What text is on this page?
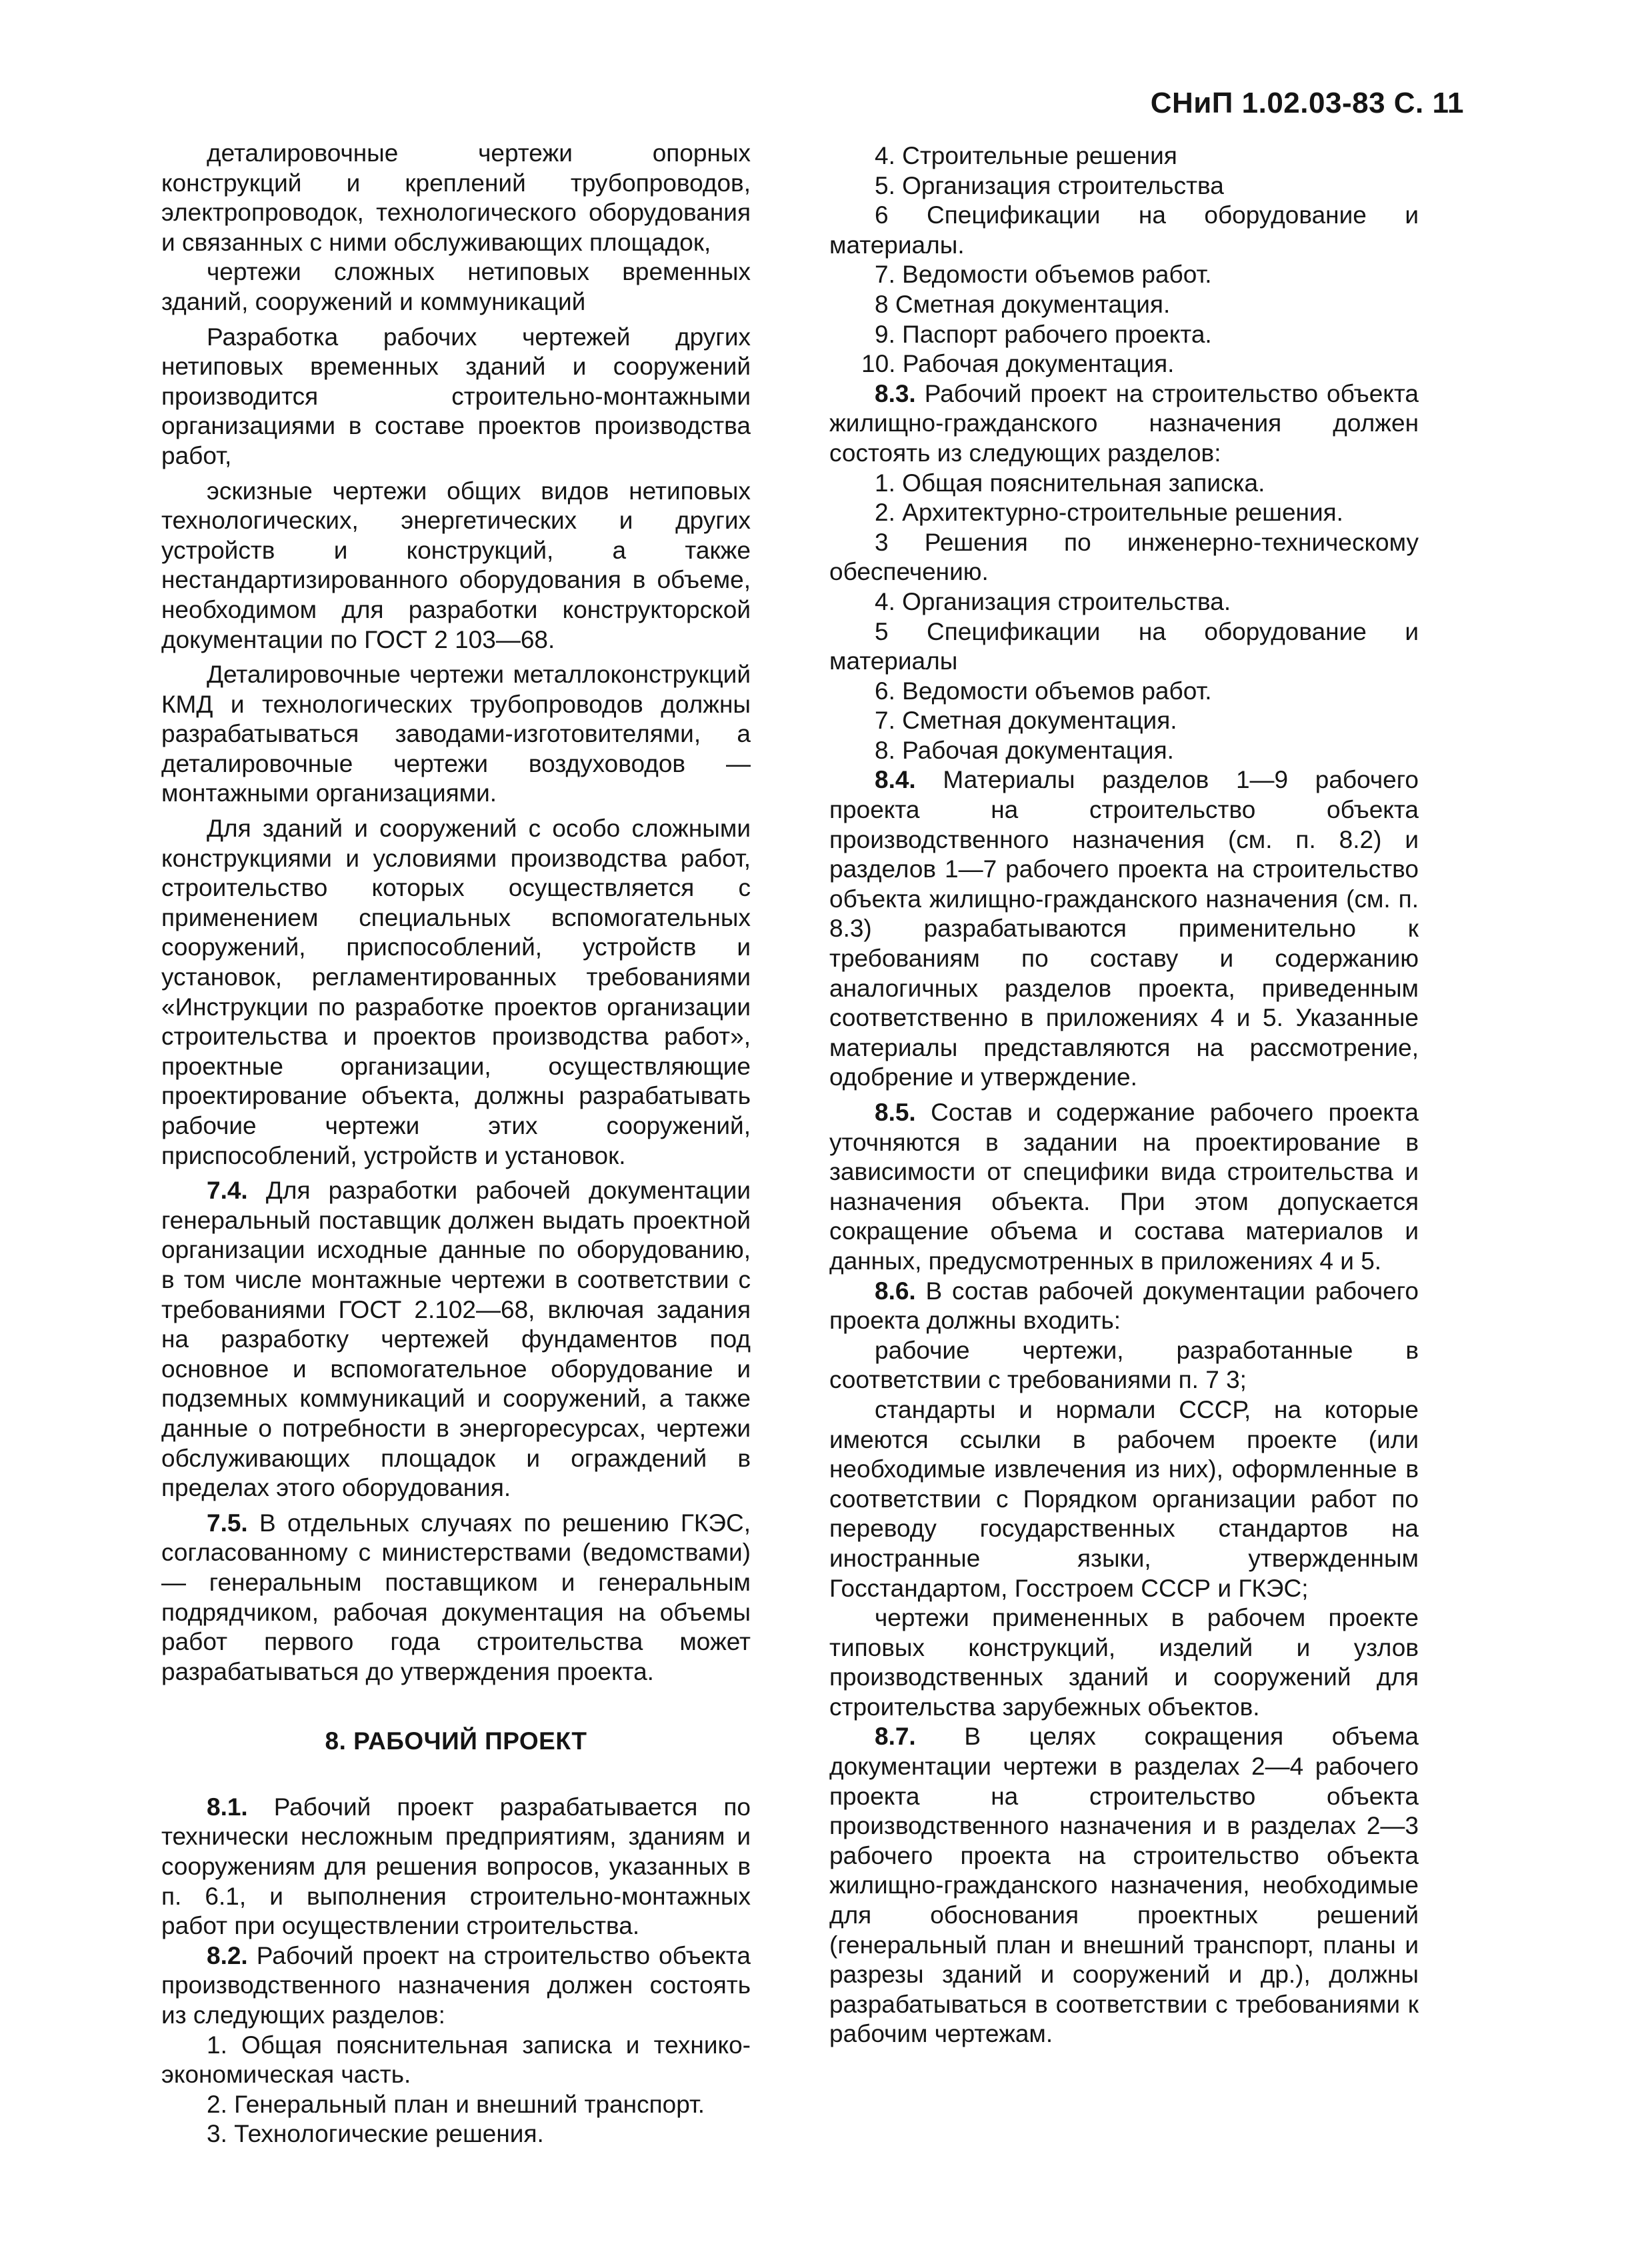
СНиП 1.02.03-83 С. 11

деталировочные чертежи опорных конструкций и креплений трубопроводов, электропроводок, технологического оборудования и связанных с ними обслуживающих площадок,

чертежи сложных нетиповых временных зданий, сооружений и коммуникаций

Разработка рабочих чертежей других нетиповых временных зданий и сооружений производится строительно-монтажными организациями в составе проектов производства работ,

эскизные чертежи общих видов нетиповых технологических, энергетических и других устройств и конструкций, а также нестандартизированного оборудования в объеме, необходимом для разработки конструкторской документации по ГОСТ 2 103—68.

Деталировочные чертежи металлоконструкций КМД и технологических трубопроводов должны разрабатываться заводами-изготовителями, а деталировочные чертежи воздуховодов — монтажными организациями.

Для зданий и сооружений с особо сложными конструкциями и условиями производства работ, строительство которых осуществляется с применением специальных вспомогательных сооружений, приспособлений, устройств и установок, регламентированных требованиями «Инструкции по разработке проектов организации строительства и проектов производства работ», проектные организации, осуществляющие проектирование объекта, должны разрабатывать рабочие чертежи этих сооружений, приспособлений, устройств и установок.

7.4. Для разработки рабочей документации генеральный поставщик должен выдать проектной организации исходные данные по оборудованию, в том числе монтажные чертежи в соответствии с требованиями ГОСТ 2.102—68, включая задания на разработку чертежей фундаментов под основное и вспомогательное оборудование и подземных коммуникаций и сооружений, а также данные о потребности в энергоресурсах, чертежи обслуживающих площадок и ограждений в пределах этого оборудования.

7.5. В отдельных случаях по решению ГКЭС, согласованному с министерствами (ведомствами) — генеральным поставщиком и генеральным подрядчиком, рабочая документация на объемы работ первого года строительства может разрабатываться до утверждения проекта.

8. РАБОЧИЙ ПРОЕКТ

8.1. Рабочий проект разрабатывается по технически несложным предприятиям, зданиям и сооружениям для решения вопросов, указанных в п. 6.1, и выполнения строительно-монтажных работ при осуществлении строительства.

8.2. Рабочий проект на строительство объекта производственного назначения должен состоять из следующих разделов:

1. Общая пояснительная записка и технико-экономическая часть.

2. Генеральный план и внешний транспорт.

3. Технологические решения.

4. Строительные решения

5. Организация строительства

6 Спецификации на оборудование и материалы.

7. Ведомости объемов работ.

8 Сметная документация.

9. Паспорт рабочего проекта.

10. Рабочая документация.

8.3. Рабочий проект на строительство объекта жилищно-гражданского назначения должен состоять из следующих разделов:

1. Общая пояснительная записка.

2. Архитектурно-строительные решения.

3 Решения по инженерно-техническому обеспечению.

4. Организация строительства.

5 Спецификации на оборудование и материалы

6. Ведомости объемов работ.

7. Сметная документация.

8. Рабочая документация.

8.4. Материалы разделов 1—9 рабочего проекта на строительство объекта производственного назначения (см. п. 8.2) и разделов 1—7 рабочего проекта на строительство объекта жилищно-гражданского назначения (см. п. 8.3) разрабатываются применительно к требованиям по составу и содержанию аналогичных разделов проекта, приведенным соответственно в приложениях 4 и 5. Указанные материалы представляются на рассмотрение, одобрение и утверждение.

8.5. Состав и содержание рабочего проекта уточняются в задании на проектирование в зависимости от специфики вида строительства и назначения объекта. При этом допускается сокращение объема и состава материалов и данных, предусмотренных в приложениях 4 и 5.

8.6. В состав рабочей документации рабочего проекта должны входить:

рабочие чертежи, разработанные в соответствии с требованиями п. 7 3;

стандарты и нормали СССР, на которые имеются ссылки в рабочем проекте (или необходимые извлечения из них), оформленные в соответствии с Порядком организации работ по переводу государственных стандартов на иностранные языки, утвержденным Госстандартом, Госстроем СССР и ГКЭС;

чертежи примененных в рабочем проекте типовых конструкций, изделий и узлов производственных зданий и сооружений для строительства зарубежных объектов.

8.7. В целях сокращения объема документации чертежи в разделах 2—4 рабочего проекта на строительство объекта производственного назначения и в разделах 2—3 рабочего проекта на строительство объекта жилищно-гражданского назначения, необходимые для обоснования проектных решений (генеральный план и внешний транспорт, планы и разрезы зданий и сооружений и др.), должны разрабатываться в соответствии с требованиями к рабочим чертежам.
